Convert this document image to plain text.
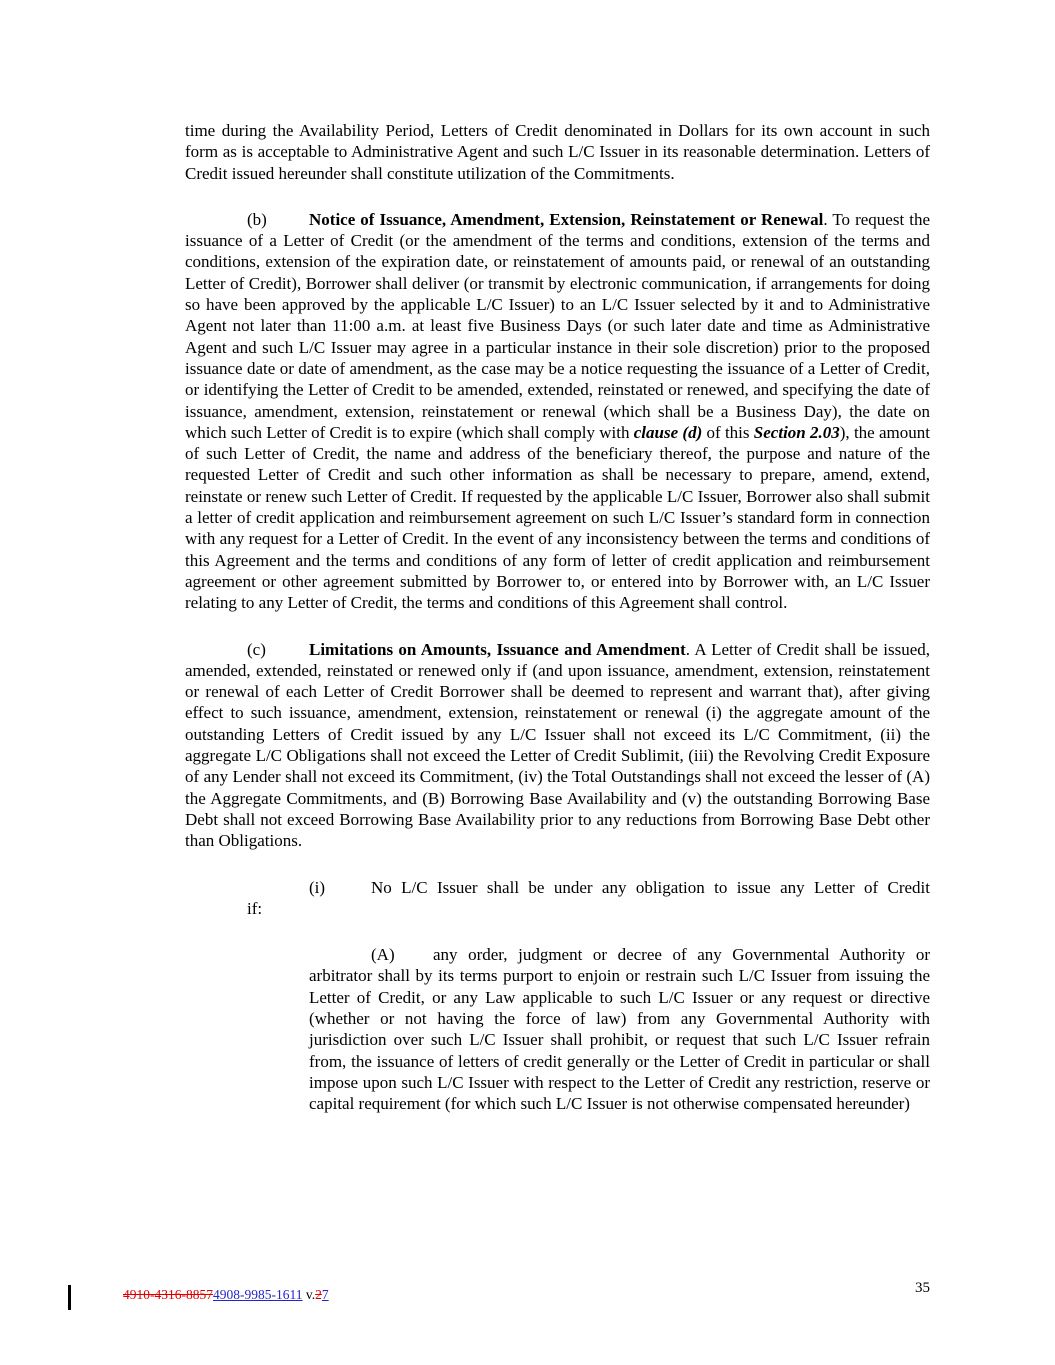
time during the Availability Period, Letters of Credit denominated in Dollars for its own account in such form as is acceptable to Administrative Agent and such L/C Issuer in its reasonable determination. Letters of Credit issued hereunder shall constitute utilization of the Commitments.

(b) Notice of Issuance, Amendment, Extension, Reinstatement or Renewal. To request the issuance of a Letter of Credit (or the amendment of the terms and conditions, extension of the terms and conditions, extension of the expiration date, or reinstatement of amounts paid, or renewal of an outstanding Letter of Credit), Borrower shall deliver (or transmit by electronic communication, if arrangements for doing so have been approved by the applicable L/C Issuer) to an L/C Issuer selected by it and to Administrative Agent not later than 11:00 a.m. at least five Business Days (or such later date and time as Administrative Agent and such L/C Issuer may agree in a particular instance in their sole discretion) prior to the proposed issuance date or date of amendment, as the case may be a notice requesting the issuance of a Letter of Credit, or identifying the Letter of Credit to be amended, extended, reinstated or renewed, and specifying the date of issuance, amendment, extension, reinstatement or renewal (which shall be a Business Day), the date on which such Letter of Credit is to expire (which shall comply with clause (d) of this Section 2.03), the amount of such Letter of Credit, the name and address of the beneficiary thereof, the purpose and nature of the requested Letter of Credit and such other information as shall be necessary to prepare, amend, extend, reinstate or renew such Letter of Credit. If requested by the applicable L/C Issuer, Borrower also shall submit a letter of credit application and reimbursement agreement on such L/C Issuer’s standard form in connection with any request for a Letter of Credit. In the event of any inconsistency between the terms and conditions of this Agreement and the terms and conditions of any form of letter of credit application and reimbursement agreement or other agreement submitted by Borrower to, or entered into by Borrower with, an L/C Issuer relating to any Letter of Credit, the terms and conditions of this Agreement shall control.

(c)	Limitations on Amounts, Issuance and Amendment. A Letter of Credit shall be issued, amended, extended, reinstated or renewed only if (and upon issuance, amendment, extension, reinstatement or renewal of each Letter of Credit Borrower shall be deemed to represent and warrant that), after giving effect to such issuance, amendment, extension, reinstatement or renewal (i) the aggregate amount of the outstanding Letters of Credit issued by any L/C Issuer shall not exceed its L/C Commitment, (ii) the aggregate L/C Obligations shall not exceed the Letter of Credit Sublimit, (iii) the Revolving Credit Exposure of any Lender shall not exceed its Commitment, (iv) the Total Outstandings shall not exceed the lesser of (A) the Aggregate Commitments, and (B) Borrowing Base Availability and (v) the outstanding Borrowing Base Debt shall not exceed Borrowing Base Availability prior to any reductions from Borrowing Base Debt other than Obligations.

(i)	No L/C Issuer shall be under any obligation to issue any Letter of Credit
if:

(A) any order, judgment or decree of any Governmental Authority or arbitrator shall by its terms purport to enjoin or restrain such L/C Issuer from issuing the Letter of Credit, or any Law applicable to such L/C Issuer or any request or directive (whether or not having the force of law) from any Governmental Authority with jurisdiction over such L/C Issuer shall prohibit, or request that such L/C Issuer refrain from, the issuance of letters of credit generally or the Letter of Credit in particular or shall impose upon such L/C Issuer with respect to the Letter of Credit any restriction, reserve or capital requirement (for which such L/C Issuer is not otherwise compensated hereunder)

4910-4316-88574908-9985-1611 v.27	35
